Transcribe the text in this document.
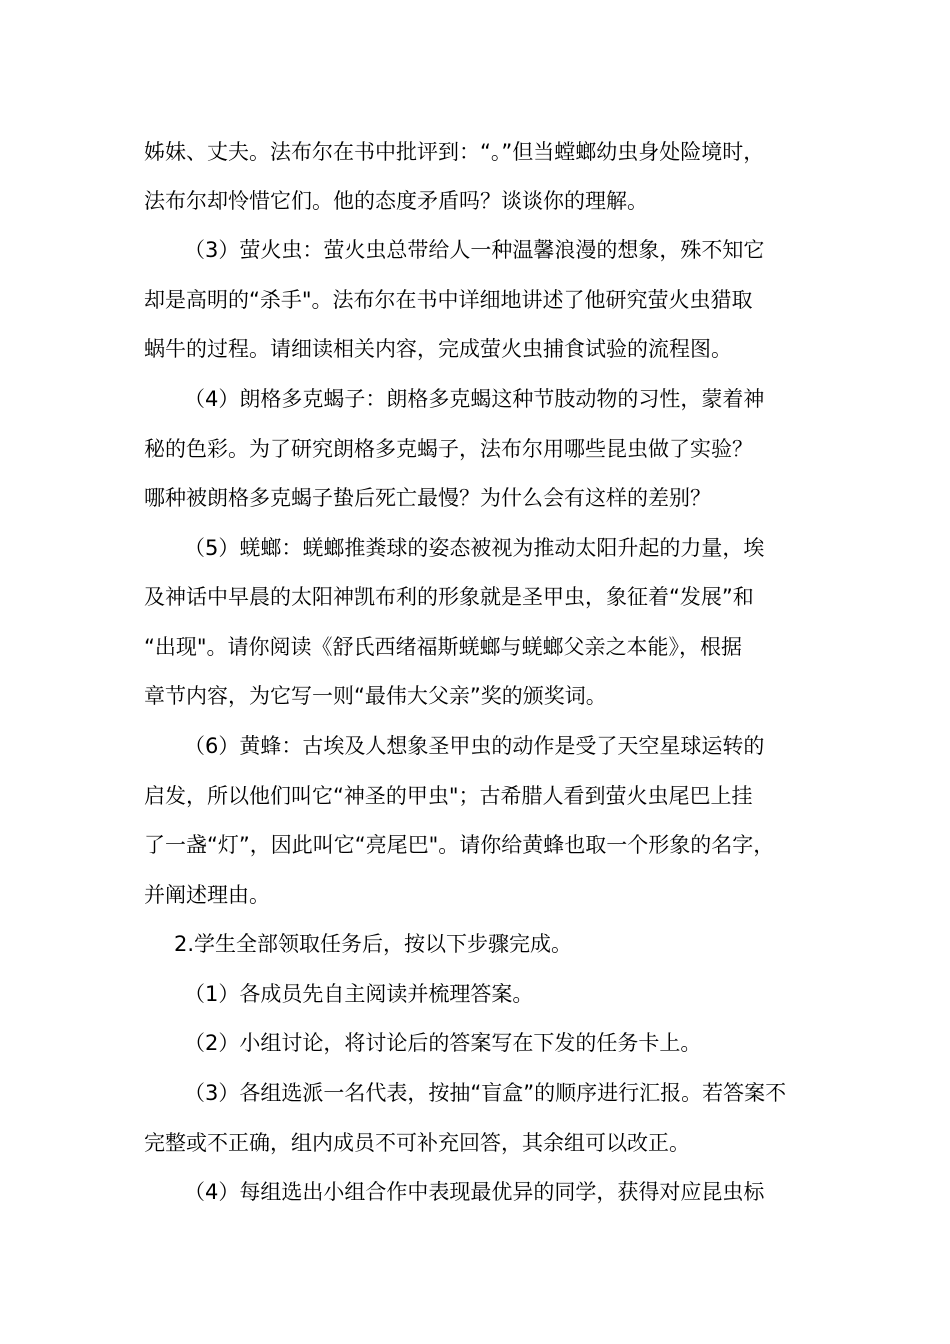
姊妹、丈夫。法布尔在书中批评到：“。”但当螳螂幼虫身处险境时，
法布尔却怜惜它们。他的态度矛盾吗？谈谈你的理解。
（3）萤火虫：萤火虫总带给人一种温馨浪漫的想象，殊不知它
却是高明的“杀手"。法布尔在书中详细地讲述了他研究萤火虫猎取
蜗牛的过程。请细读相关内容，完成萤火虫捕食试验的流程图。
（4）朗格多克蝎子：朗格多克蝎这种节肢动物的习性，蒙着神
秘的色彩。为了研究朗格多克蝎子，法布尔用哪些昆虫做了实验？
哪种被朗格多克蝎子蛰后死亡最慢？为什么会有这样的差别？
（5）蜣螂：蜣螂推粪球的姿态被视为推动太阳升起的力量，埃
及神话中早晨的太阳神凯布利的形象就是圣甲虫，象征着“发展”和
“出现"。请你阅读《舒氏西绪福斯蜣螂与蜣螂父亲之本能》，根据
章节内容，为它写一则“最伟大父亲”奖的颁奖词。
（6）黄蜂：古埃及人想象圣甲虫的动作是受了天空星球运转的
启发，所以他们叫它“神圣的甲虫"；古希腊人看到萤火虫尾巴上挂
了一盏“灯”，因此叫它“亮尾巴"。请你给黄蜂也取一个形象的名字，
并阐述理由。
2.学生全部领取任务后，按以下步骤完成。
（1）各成员先自主阅读并梳理答案。
（2）小组讨论，将讨论后的答案写在下发的任务卡上。
（3）各组选派一名代表，按抽“盲盒”的顺序进行汇报。若答案不
完整或不正确，组内成员不可补充回答，其余组可以改正。
（4）每组选出小组合作中表现最优异的同学，获得对应昆虫标
